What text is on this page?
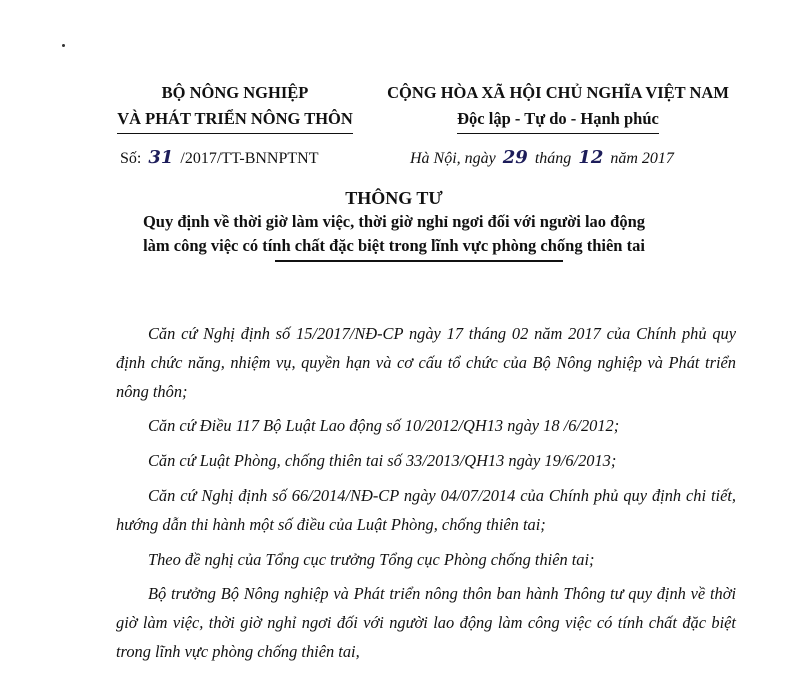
BỘ NÔNG NGHIỆP
VÀ PHÁT TRIỂN NÔNG THÔN
CỘNG HÒA XÃ HỘI CHỦ NGHĨA VIỆT NAM
Độc lập - Tự do - Hạnh phúc
Số: 31 /2017/TT-BNNPTNT	Hà Nội, ngày 29 tháng 12 năm 2017
THÔNG TƯ
Quy định về thời giờ làm việc, thời giờ nghỉ ngơi đối với người lao động
làm công việc có tính chất đặc biệt trong lĩnh vực phòng chống thiên tai

Căn cứ Nghị định số 15/2017/NĐ-CP ngày 17 tháng 02 năm 2017 của Chính phủ quy định chức năng, nhiệm vụ, quyền hạn và cơ cấu tổ chức của Bộ Nông nghiệp và Phát triển nông thôn;

Căn cứ Điều 117 Bộ Luật Lao động số 10/2012/QH13 ngày 18 /6/2012;

Căn cứ Luật Phòng, chống thiên tai số 33/2013/QH13 ngày 19/6/2013;

Căn cứ Nghị định số 66/2014/NĐ-CP ngày 04/07/2014 của Chính phủ quy định chi tiết, hướng dẫn thi hành một số điều của Luật Phòng, chống thiên tai;

Theo đề nghị của Tổng cục trưởng Tổng cục Phòng chống thiên tai;

Bộ trưởng Bộ Nông nghiệp và Phát triển nông thôn ban hành Thông tư quy định về thời giờ làm việc, thời giờ nghỉ ngơi đối với người lao động làm công việc có tính chất đặc biệt trong lĩnh vực phòng chống thiên tai,
